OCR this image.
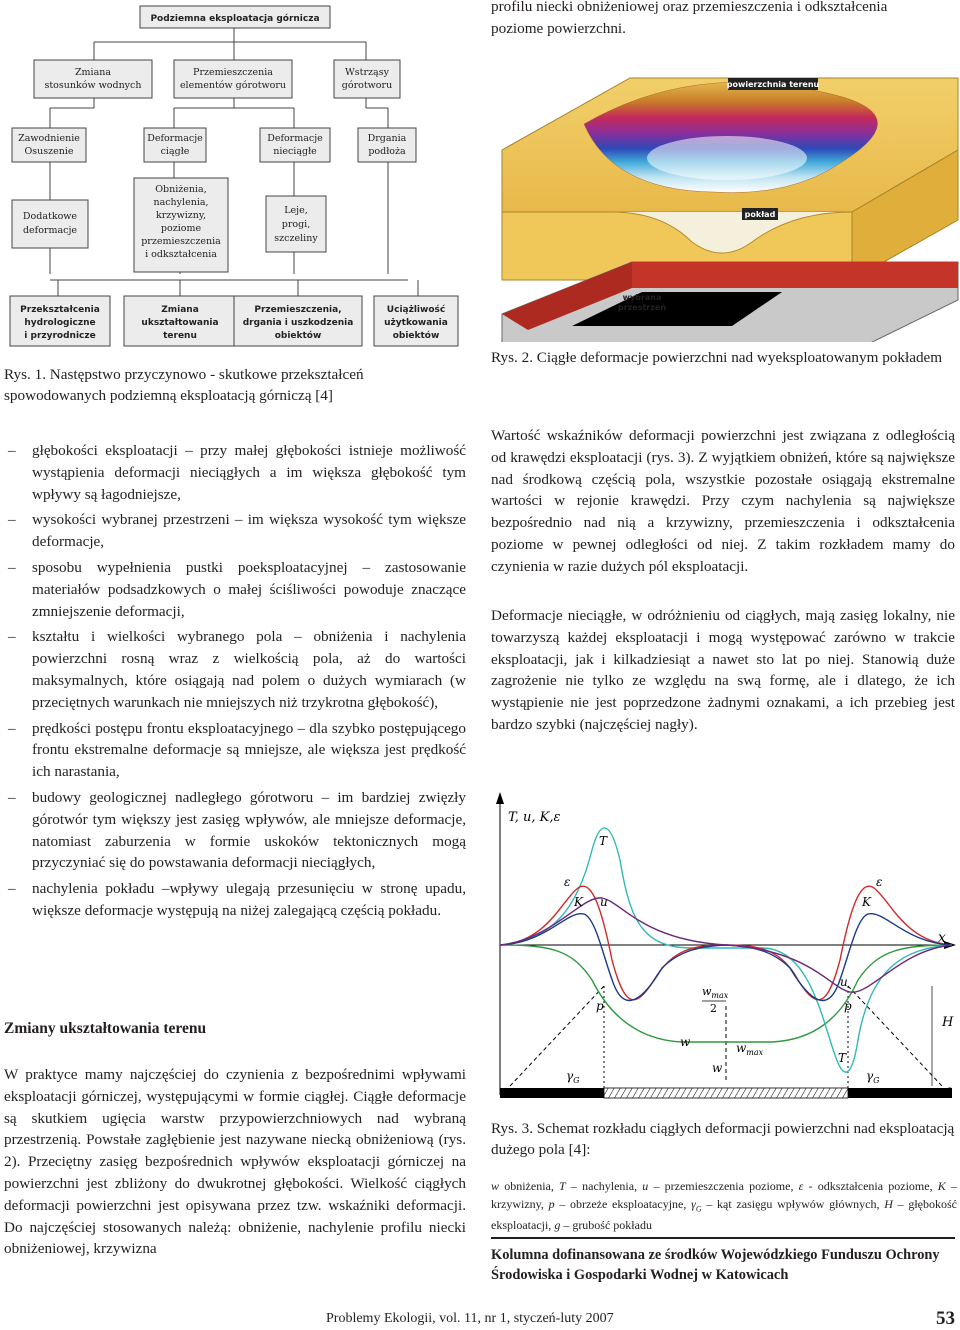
profilu niecki obniżeniowej oraz przemieszczenia i odkształcenia poziome powierzchni.

Podziemna eksploatacja górnicza
Zmiana
stosunków wodnych
Przemieszczenia
elementów górotworu
Wstrząsy
górotworu
Zawodnienie
Osuszenie
Deformacje
ciągłe
Deformacje
nieciągłe
Drgania
podłoża
Dodatkowe
deformacje
Obniżenia,
nachylenia,
krzywizny,
poziome
przemieszczenia
i odkształcenia
Leje,
progi,
szczeliny
Przekształcenia
hydrologiczne
i przyrodnicze
Zmiana
ukształtowania
terenu
Przemieszczenia,
drgania i uszkodzenia
obiektów
Uciążliwość
użytkowania
obiektów

Rys. 1. Następstwo przyczynowo - skutkowe przekształceń spowodowanych podziemną eksploatacją górniczą [4]

powierzchnia terenu
pokład
wybrana
przestrzeń

Rys. 2. Ciągłe deformacje powierzchni nad wyeksploatowanym pokładem

– głębokości eksploatacji – przy małej głębokości istnieje możliwość wystąpienia deformacji nieciągłych a im większa głębokość tym wpływy są łagodniejsze,

– wysokości wybranej przestrzeni – im większa wysokość tym większe deformacje,

– sposobu wypełnienia pustki poeksploatacyjnej – zastosowanie materiałów podsadzkowych o małej ściśliwości powoduje znaczące zmniejszenie deformacji,

– kształtu i wielkości wybranego pola – obniżenia i nachylenia powierzchni rosną wraz z wielkością pola, aż do wartości maksymalnych, które osiągają nad polem o dużych wymiarach (w przeciętnych warunkach nie mniejszych niż trzykrotna głębokość),

– prędkości postępu frontu eksploatacyjnego – dla szybko postępującego frontu ekstremalne deformacje są mniejsze, ale większa jest prędkość ich narastania,

– budowy geologicznej nadległego górotworu – im bardziej zwięzły górotwór tym większy jest zasięg wpływów, ale mniejsze deformacje, natomiast zaburzenia w formie uskoków tektonicznych mogą przyczyniać się do powstawania deformacji nieciągłych,

– nachylenia pokładu –wpływy ulegają przesunięciu w stronę upadu, większe deformacje występują na niżej zalegającą częścią pokładu.

Zmiany ukształtowania terenu

W praktyce mamy najczęściej do czynienia z bezpośrednimi wpływami eksploatacji górniczej, występującymi w formie ciągłej. Ciągłe deformacje są skutkiem ugięcia warstw przypowierzchniowych nad wybraną przestrzenią. Powstałe zagłębienie jest nazywane niecką obniżeniową (rys. 2). Przeciętny zasięg bezpośrednich wpływów eksploatacji górniczej na powierzchni jest zbliżony do dwukrotnej głębokości. Wielkość ciągłych deformacji powierzchni jest opisywana przez tzw. wskaźniki deformacji. Do najczęściej stosowanych należą: obniżenie, nachylenie profilu niecki obniżeniowej, krzywizna

Wartość wskaźników deformacji powierzchni jest związana z odległością od krawędzi eksploatacji (rys. 3). Z wyjątkiem obniżeń, które są największe nad środkową częścią pola, wszystkie pozostałe osiągają ekstremalne wartości w rejonie krawędzi. Przy czym nachylenia są największe bezpośrednio nad nią a krzywizny, przemieszczenia i odkształcenia poziome w pewnej odległości od niej. Z takim rozkładem mamy do czynienia w razie dużych pól eksploatacji.

Deformacje nieciągłe, w odróżnieniu od ciągłych, mają zasięg lokalny, nie towarzyszą każdej eksploatacji i mogą występować zarówno w trakcie eksploatacji, jak i kilkadziesiąt a nawet sto lat po niej. Stanowią duże zagrożenie nie tylko ze względu na swą formę, ale i dlatego, że ich wystąpienie nie jest poprzedzone żadnymi oznakami, a ich przebieg jest bardzo szybki (najczęściej nagły).

T, u, K,ε
x
H
g
$\gamma_G$	$\gamma_G$
T
ε
K u
ε
K
u
p	p
w
w
$w_{max}$
$w_{max}$
2
T

Rys. 3. Schemat rozkładu ciągłych deformacji powierzchni nad eksploatacją dużego pola [4]:

w obniżenia, T – nachylenia, u – przemieszczenia poziome, ε - odkształcenia poziome, K – krzywizny, p – obrzeże eksploatacyjne, $\gamma_G$ – kąt zasięgu wpływów głównych, H – głębokość eksploatacji, g – grubość pokładu

Kolumna dofinansowana ze środków Wojewódzkiego Funduszu Ochrony Środowiska i Gospodarki Wodnej w Katowicach

Problemy Ekologii, vol. 11, nr 1, styczeń-luty 2007	53
